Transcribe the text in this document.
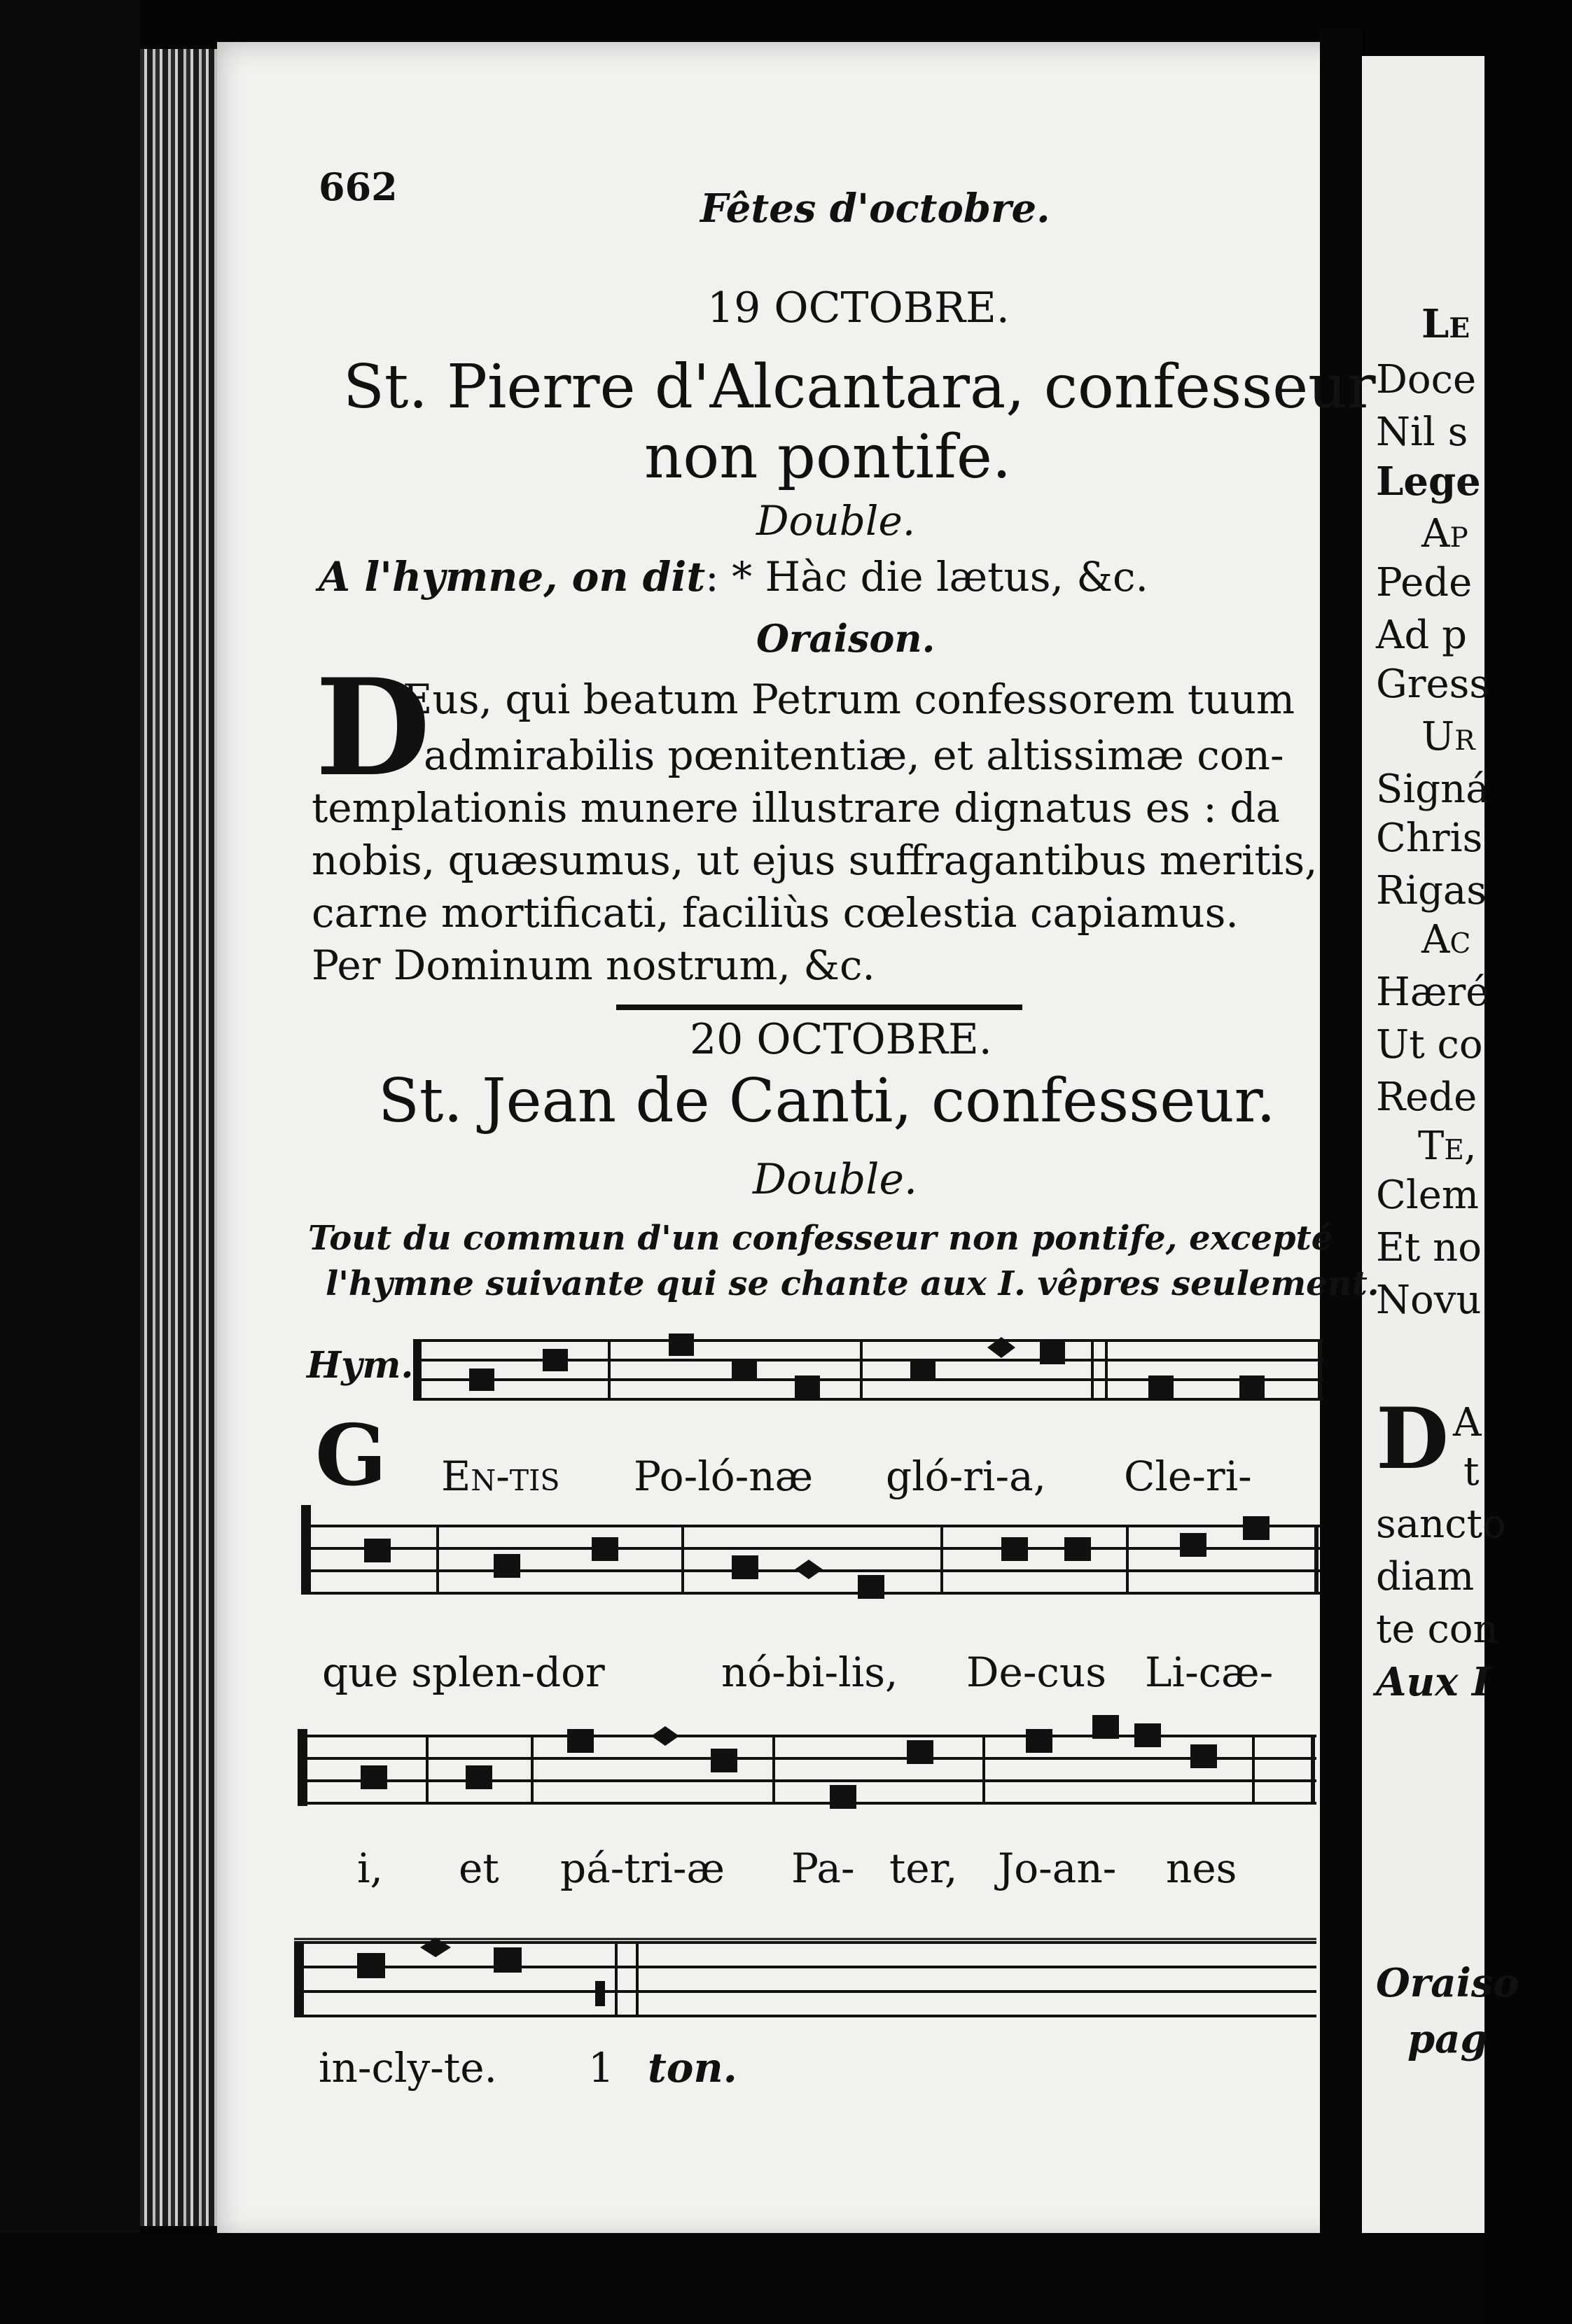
662	Fêtes d'octobre.
19 OCTOBRE.
St. Pierre d'Alcantara, confesseur
non pontife.
Double.
A l'hymne, on dit: * Hàc die lætus, &c.
Oraison.
D
Eus, qui beatum Petrum confessorem tuum
admirabilis pœnitentiæ, et altissimæ con-
templationis munere illustrare dignatus es : da
nobis, quæsumus, ut ejus suffragantibus meritis,
carne mortificati, faciliùs cœlestia capiamus.
Per Dominum nostrum, &c.
20 OCTOBRE.
St. Jean de Canti, confesseur.
Double.
Tout du commun d'un confesseur non pontife, excepté
l'hymne suivante qui se chante aux I. vêpres seulement.
Hym.
G En-tis Po-ló-næ gló-ri-a, Cle-ri-
que splen-dor	nó-bi-lis, De-cus Li-cæ-
i, et pá-tri-æ Pa- ter, Jo-an- nes
in-cly-te. 1 ton.
Le
Doce
Nil s
Lege
Ap
Pede
Ad p
Gress
Ur
Signá
Chris
Rigas
Ac
Hæré
Ut co
Rede
Te,
Clem
Et no
Novu
D A
t
sancto
diam
te con
Aux I
Oraiso
pag
